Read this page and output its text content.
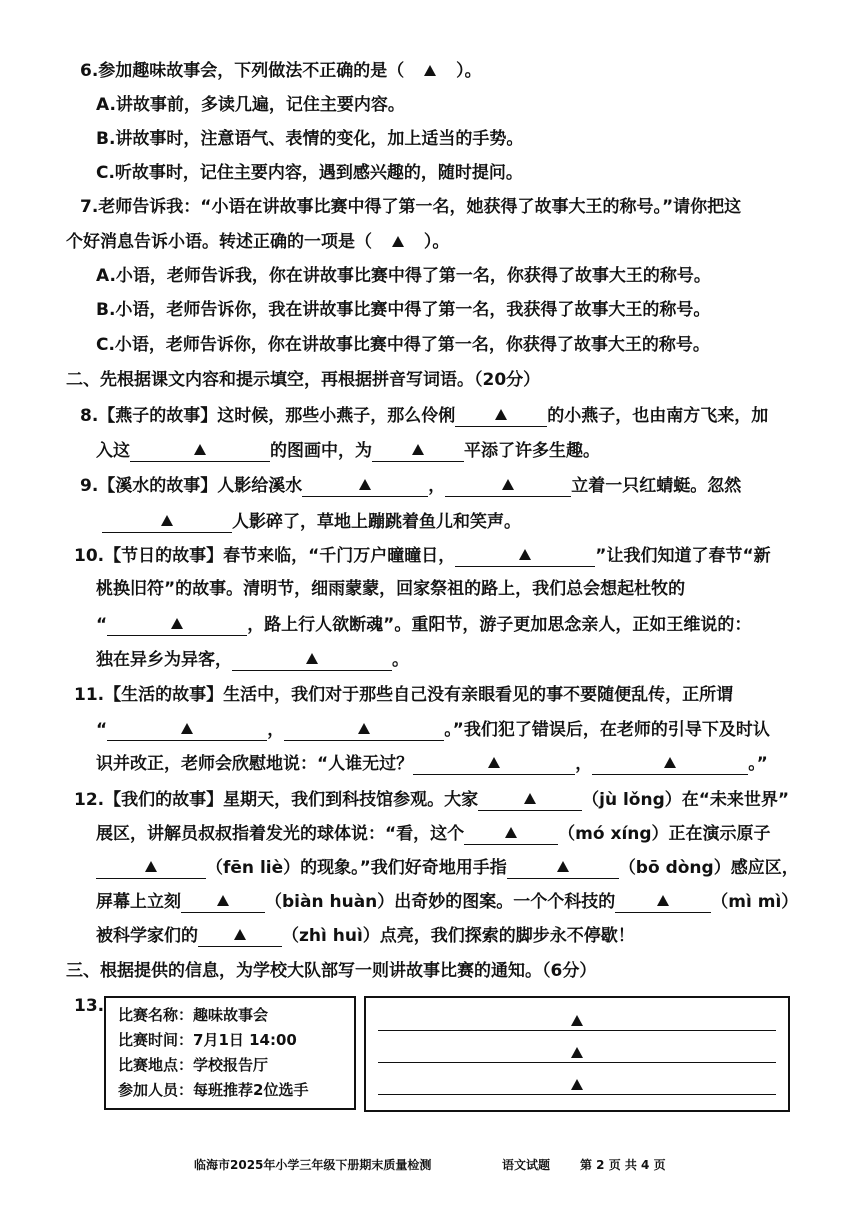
6.参加趣味故事会，下列做法不正确的是（	）。
A.讲故事前，多读几遍，记住主要内容。
B.讲故事时，注意语气、表情的变化，加上适当的手势。
C.听故事时，记住主要内容，遇到感兴趣的，随时提问。
7.老师告诉我：“小语在讲故事比赛中得了第一名，她获得了故事大王的称号。”请你把这
个好消息告诉小语。转述正确的一项是（	）。
A.小语，老师告诉我，你在讲故事比赛中得了第一名，你获得了故事大王的称号。
B.小语，老师告诉你，我在讲故事比赛中得了第一名，我获得了故事大王的称号。
C.小语，老师告诉你，你在讲故事比赛中得了第一名，你获得了故事大王的称号。
二、先根据课文内容和提示填空，再根据拼音写词语。（20分）
8.【燕子的故事】这时候，那些小燕子，那么伶俐	的小燕子，也由南方飞来，加
入这	的图画中，为	平添了许多生趣。
9.【溪水的故事】人影给溪水	，	立着一只红蜻蜓。忽然
人影碎了，草地上蹦跳着鱼儿和笑声。
10.【节日的故事】春节来临，“千门万户曈曈日，	”让我们知道了春节“新
桃换旧符”的故事。清明节，细雨蒙蒙，回家祭祖的路上，我们总会想起杜牧的
“	，路上行人欲断魂”。重阳节，游子更加思念亲人，正如王维说的：
独在异乡为异客，	。
11.【生活的故事】生活中，我们对于那些自己没有亲眼看见的事不要随便乱传，正所谓
“	，	。”我们犯了错误后，在老师的引导下及时认
识并改正，老师会欣慰地说：“人谁无过？	，	。”
12.【我们的故事】星期天，我们到科技馆参观。大家	（jù lǒng）在“未来世界”
展区，讲解员叔叔指着发光的球体说：“看，这个	（mó xíng）正在演示原子
（fēn liè）的现象。”我们好奇地用手指	（bō dòng）感应区，
屏幕上立刻	（biàn huàn）出奇妙的图案。一个个科技的	（mì mì）
被科学家们的	（zhì huì）点亮，我们探索的脚步永不停歇！
三、根据提供的信息，为学校大队部写一则讲故事比赛的通知。（6分）
13. 比赛名称：趣味故事会
比赛时间：7月1日 14:00
比赛地点：学校报告厅
参加人员：每班推荐2位选手
临海市2025年小学三年级下册期末质量检测	语文试题 第 2 页 共 4 页
